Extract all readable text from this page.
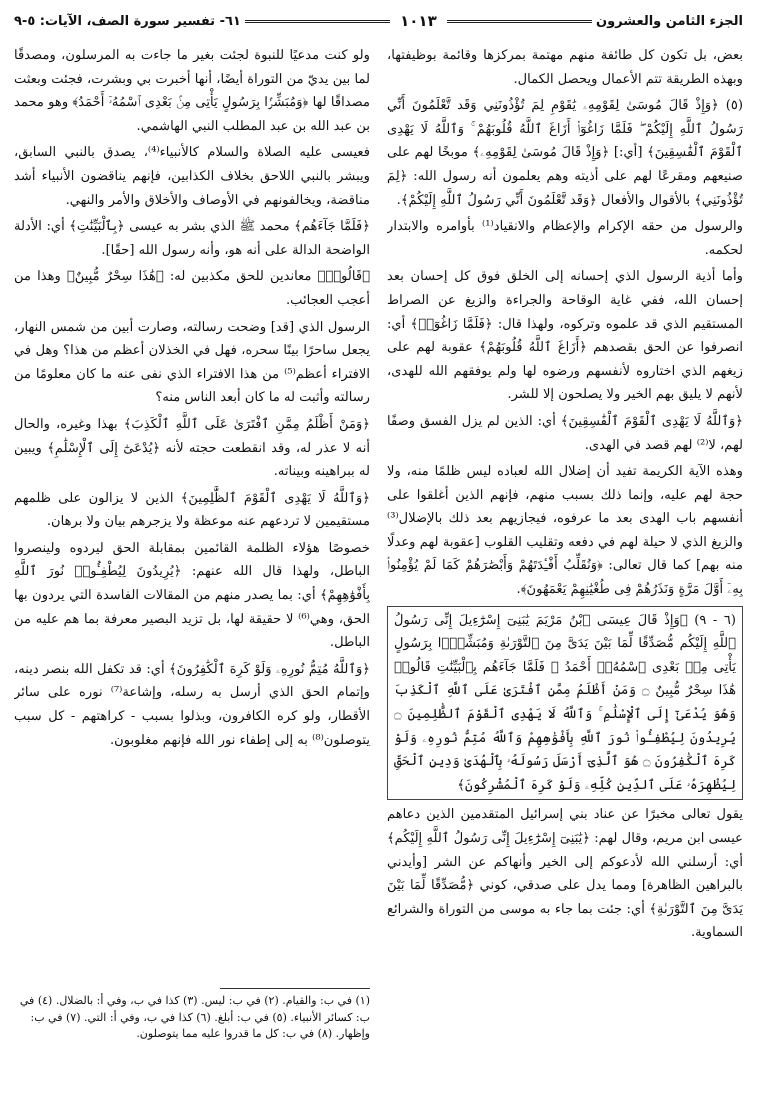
الجزء الثامن والعشرون
١٠١٣
٦١- تفسير سورة الصف، الآيات: ٥-٩

بعض، بل تكون كل طائفة منهم مهتمة بمركزها وقائمة بوظيفتها، وبهذه الطريقة تتم الأعمال ويحصل الكمال.

(٥) ﴿وَإِذْ قَالَ مُوسَىٰ لِقَوْمِهِۦ يَٰقَوْمِ لِمَ تُؤْذُونَنِي وَقَد تَّعْلَمُونَ أَنِّي رَسُولُ ٱللَّهِ إِلَيْكُمْ ۖ فَلَمَّا زَاغُوٓا۟ أَزَاغَ ٱللَّهُ قُلُوبَهُمْ ۚ وَٱللَّهُ لَا يَهْدِى ٱلْقَوْمَ ٱلْفَٰسِقِينَ﴾ [أي:] ﴿وَإِذْ قَالَ مُوسَىٰ لِقَوْمِهِۦ﴾ موبخًا لهم على صنيعهم ومقرعًا لهم على أذيته وهم يعلمون أنه رسول الله: ﴿لِمَ تُؤْذُونَنِي﴾ بالأقوال والأفعال ﴿وَقَد تَّعْلَمُونَ أَنِّي رَسُولُ ٱللَّهِ إِلَيْكُمْ﴾.

والرسول من حقه الإكرام والإعظام والانقياد⁽¹⁾ بأوامره والابتدار لحكمه.

وأما أذية الرسول الذي إحسانه إلى الخلق فوق كل إحسان بعد إحسان الله، ففي غاية الوقاحة والجراءة والزيغ عن الصراط المستقيم الذي قد علموه وتركوه، ولهذا قال: ﴿فَلَمَّا زَاغُوٓا۟﴾ أي: انصرفوا عن الحق بقصدهم ﴿أَزَاغَ ٱللَّهُ قُلُوبَهُمْ﴾ عقوبة لهم على زيغهم الذي اختاروه لأنفسهم ورضوه لها ولم يوفقهم الله للهدى، لأنهم لا يليق بهم الخير ولا يصلحون إلا للشر.

﴿وَٱللَّهُ لَا يَهْدِى ٱلْقَوْمَ ٱلْفَٰسِقِينَ﴾ أي: الذين لم يزل الفسق وصفًا لهم، لا⁽²⁾ لهم قصد في الهدى.

وهذه الآية الكريمة تفيد أن إضلال الله لعباده ليس ظلمًا منه، ولا حجة لهم عليه، وإنما ذلك بسبب منهم، فإنهم الذين أغلقوا على أنفسهم باب الهدى بعد ما عرفوه، فيجازيهم بعد ذلك بالإضلال⁽³⁾ والزيغ الذي لا حيلة لهم في دفعه وتقليب القلوب [عقوبة لهم وعدلًا منه بهم] كما قال تعالى: ﴿وَنُقَلِّبُ أَفْـِٔدَتَهُمْ وَأَبْصَٰرَهُمْ كَمَا لَمْ يُؤْمِنُوا۟ بِهِۦٓ أَوَّلَ مَرَّةٍ وَنَذَرُهُمْ فِى طُغْيَٰنِهِمْ يَعْمَهُونَ﴾.

(٦ - ٩) ﴿وَإِذْ قَالَ عِيسَى ٱبْنُ مَرْيَمَ يَٰبَنِىٓ إِسْرَٰٓءِيلَ إِنِّى رَسُولُ ٱللَّهِ إِلَيْكُم مُّصَدِّقًا لِّمَا بَيْنَ يَدَىَّ مِنَ ٱلتَّوْرَىٰةِ وَمُبَشِّرًۢا بِرَسُولٍ يَأْتِى مِنۢ بَعْدِى ٱسْمُهُۥٓ أَحْمَدُ ۖ فَلَمَّا جَآءَهُم بِٱلْبَيِّنَٰتِ قَالُوا۟ هَٰذَا سِحْرٌ مُّبِينٌ ۝ وَمَنْ أَظْلَمُ مِمَّنِ ٱفْتَرَىٰ عَلَى ٱللَّهِ ٱلْكَذِبَ وَهُوَ يُدْعَىٰٓ إِلَى ٱلْإِسْلَٰمِ ۚ وَٱللَّهُ لَا يَهْدِى ٱلْقَوْمَ ٱلظَّٰلِمِينَ ۝ يُرِيدُونَ لِيُطْفِـُٔوا۟ نُورَ ٱللَّهِ بِأَفْوَٰهِهِمْ وَٱللَّهُ مُتِمُّ نُورِهِۦ وَلَوْ كَرِهَ ٱلْكَٰفِرُونَ ۝ هُوَ ٱلَّذِىٓ أَرْسَلَ رَسُولَهُۥ بِٱلْهُدَىٰ وَدِينِ ٱلْحَقِّ لِيُظْهِرَهُۥ عَلَى ٱلدِّينِ كُلِّهِۦ وَلَوْ كَرِهَ ٱلْمُشْرِكُونَ﴾

يقول تعالى مخبرًا عن عناد بني إسرائيل المتقدمين الذين دعاهم عيسى ابن مريم، وقال لهم: ﴿يَٰبَنِىٓ إِسْرَٰٓءِيلَ إِنِّى رَسُولُ ٱللَّهِ إِلَيْكُم﴾ أي: أرسلني الله لأدعوكم إلى الخير وأنهاكم عن الشر [وأيدني بالبراهين الظاهرة] ومما يدل على صدقي، كوني ﴿مُّصَدِّقًا لِّمَا بَيْنَ يَدَىَّ مِنَ ٱلتَّوْرَىٰةِ﴾ أي: جئت بما جاء به موسى من التوراة والشرائع السماوية.

ولو كنت مدعيًا للنبوة لجئت بغير ما جاءت به المرسلون، ومصدقًا لما بين يديّ من التوراة أيضًا، أنها أخبرت بي وبشرت، فجئت وبعثت مصداقًا لها ﴿وَمُبَشِّرًۢا بِرَسُولٍ يَأْتِى مِنۢ بَعْدِى ٱسْمُهُۥٓ أَحْمَدُ﴾ وهو محمد بن عبد الله بن عبد المطلب النبي الهاشمي.

فعيسى عليه الصلاة والسلام كالأنبياء⁽⁴⁾، يصدق بالنبي السابق، ويبشر بالنبي اللاحق بخلاف الكذابين، فإنهم يناقضون الأنبياء أشد مناقضة، ويخالفونهم في الأوصاف والأخلاق والأمر والنهي.

﴿فَلَمَّا جَآءَهُم﴾ محمد ﷺ الذي بشر به عيسى ﴿بِٱلْبَيِّنَٰتِ﴾ أي: الأدلة الواضحة الدالة على أنه هو، وأنه رسول الله [حقًا].

﴿قَالُوا۟﴾ معاندين للحق مكذبين له: ﴿هَٰذَا سِحْرٌ مُّبِينٌ﴾ وهذا من أعجب العجائب.

الرسول الذي [قد] وضحت رسالته، وصارت أبين من شمس النهار، يجعل ساحرًا بينًا سحره، فهل في الخذلان أعظم من هذا؟ وهل في الافتراء أعظم⁽⁵⁾ من هذا الافتراء الذي نفى عنه ما كان معلومًا من رسالته وأثبت له ما كان أبعد الناس منه؟

﴿وَمَنْ أَظْلَمُ مِمَّنِ ٱفْتَرَىٰ عَلَى ٱللَّهِ ٱلْكَذِبَ﴾ بهذا وغيره، والحال أنه لا عذر له، وقد انقطعت حجته لأنه ﴿يُدْعَىٰٓ إِلَى ٱلْإِسْلَٰمِ﴾ ويبين له ببراهينه وبيناته.

﴿وَٱللَّهُ لَا يَهْدِى ٱلْقَوْمَ ٱلظَّٰلِمِينَ﴾ الذين لا يزالون على ظلمهم مستقيمين لا تردعهم عنه موعظة ولا يزجرهم بيان ولا برهان.

خصوصًا هؤلاء الظلمة القائمين بمقابلة الحق ليردوه ولينصروا الباطل، ولهذا قال الله عنهم: ﴿يُرِيدُونَ لِيُطْفِـُٔوا۟ نُورَ ٱللَّهِ بِأَفْوَٰهِهِمْ﴾ أي: بما يصدر منهم من المقالات الفاسدة التي يردون بها الحق، وهي⁽⁶⁾ لا حقيقة لها، بل تزيد البصير معرفة بما هم عليه من الباطل.

﴿وَٱللَّهُ مُتِمُّ نُورِهِۦ وَلَوْ كَرِهَ ٱلْكَٰفِرُونَ﴾ أي: قد تكفل الله بنصر دينه، وإتمام الحق الذي أرسل به رسله، وإشاعة⁽⁷⁾ نوره على سائر الأقطار، ولو كره الكافرون، وبذلوا بسبب - كراهتهم - كل سبب يتوصلون⁽⁸⁾ به إلى إطفاء نور الله فإنهم مغلوبون.

(١) في ب: والقيام. (٢) في ب: ليس. (٣) كذا في ب، وفي أ: بالضلال. (٤) في ب: كسائر الأنبياء. (٥) في ب: أبلغ. (٦) كذا في ب، وفي أ: التي. (٧) في ب: وإظهار. (٨) في ب: كل ما قدروا عليه مما يتوصلون.
